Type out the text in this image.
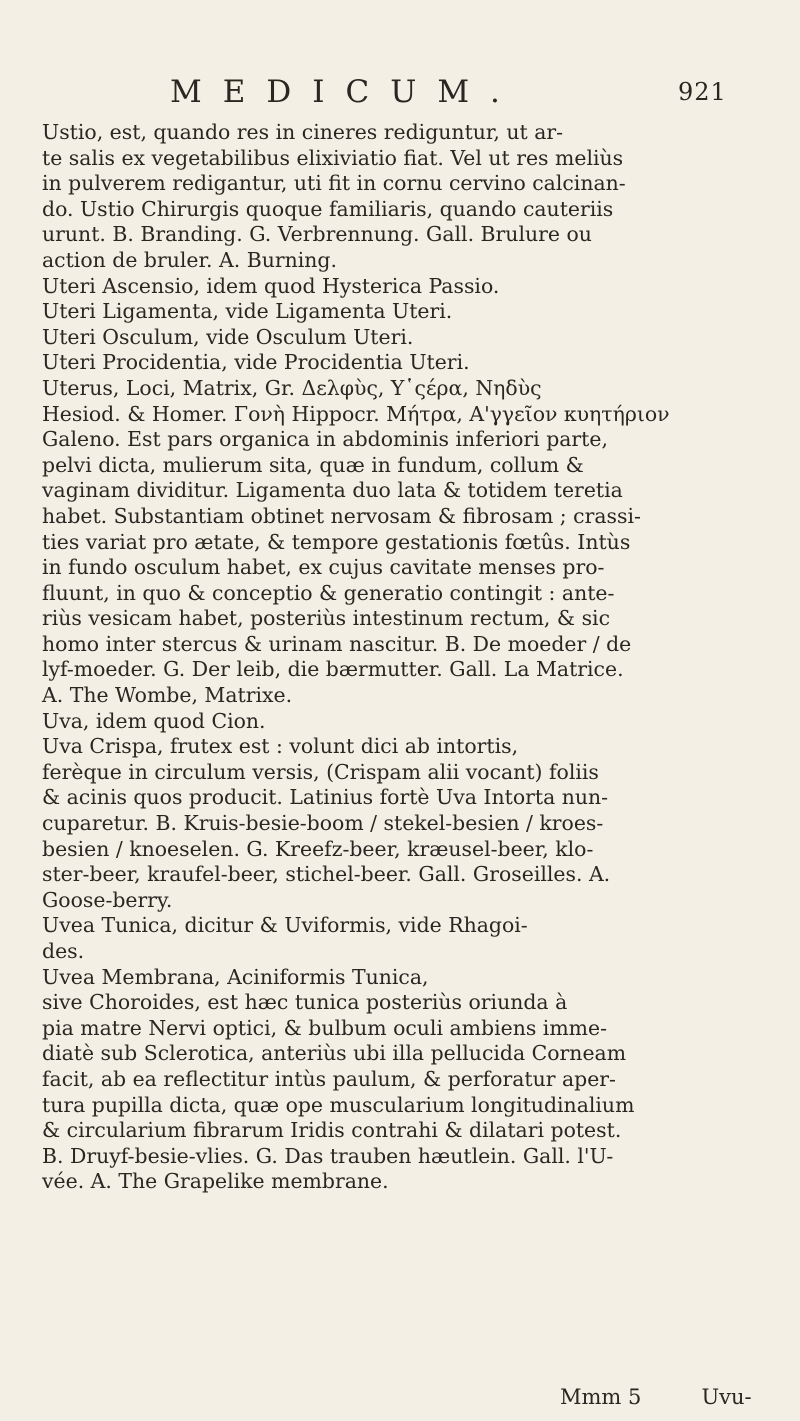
MEDICUM.	921
Ustio, est, quando res in cineres rediguntur, ut ar-
te salis ex vegetabilibus elixiviatio fiat. Vel ut res meliùs
in pulverem redigantur, uti fit in cornu cervino calcinan-
do. Ustio Chirurgis quoque familiaris, quando cauteriis
urunt. B. Branding. G. Verbrennung. Gall. Brulure ou
action de bruler. A. Burning.
Uteri Ascensio, idem quod Hysterica Passio.
Uteri Ligamenta, vide Ligamenta Uteri.
Uteri Osculum, vide Osculum Uteri.
Uteri Procidentia, vide Procidentia Uteri.
Uterus, Loci, Matrix, Gr. Δελφὺς, Υ῾ςέρα, Νηδὺς
Hesiod. & Homer. Γονὴ Hippocr. Μήτρα, Α'γγεῖον κυητήριον
Galeno. Est pars organica in abdominis inferiori parte,
pelvi dicta, mulierum sita, quæ in fundum, collum &
vaginam dividitur. Ligamenta duo lata & totidem teretia
habet. Substantiam obtinet nervosam & fibrosam ; crassi-
ties variat pro ætate, & tempore gestationis fœtûs. Intùs
in fundo osculum habet, ex cujus cavitate menses pro-
fluunt, in quo & conceptio & generatio contingit : ante-
riùs vesicam habet, posteriùs intestinum rectum, & sic
homo inter stercus & urinam nascitur. B. De moeder / de
lyf-moeder. G. Der leib, die bærmutter. Gall. La Matrice.
A. The Wombe, Matrixe.
Uva, idem quod Cion.
Uva Crispa, frutex est : volunt dici ab intortis,
ferèque in circulum versis, (Crispam alii vocant) foliis
& acinis quos producit. Latinius fortè Uva Intorta nun-
cuparetur. B. Kruis-besie-boom / stekel-besien / kroes-
besien / knoeselen. G. Kreefz-beer, kræusel-beer, klo-
ster-beer, kraufel-beer, stichel-beer. Gall. Groseilles. A.
Goose-berry.
Uvea Tunica, dicitur & Uviformis, vide Rhagoi-
des.
Uvea Membrana, Aciniformis Tunica,
sive Choroides, est hæc tunica posteriùs oriunda à
pia matre Nervi optici, & bulbum oculi ambiens imme-
diatè sub Sclerotica, anteriùs ubi illa pellucida Corneam
facit, ab ea reflectitur intùs paulum, & perforatur aper-
tura pupilla dicta, quæ ope muscularium longitudinalium
& circularium fibrarum Iridis contrahi & dilatari potest.
B. Druyf-besie-vlies. G. Das trauben hæutlein. Gall. l'U-
vée. A. The Grapelike membrane.
Mmm 5	Uvu-
